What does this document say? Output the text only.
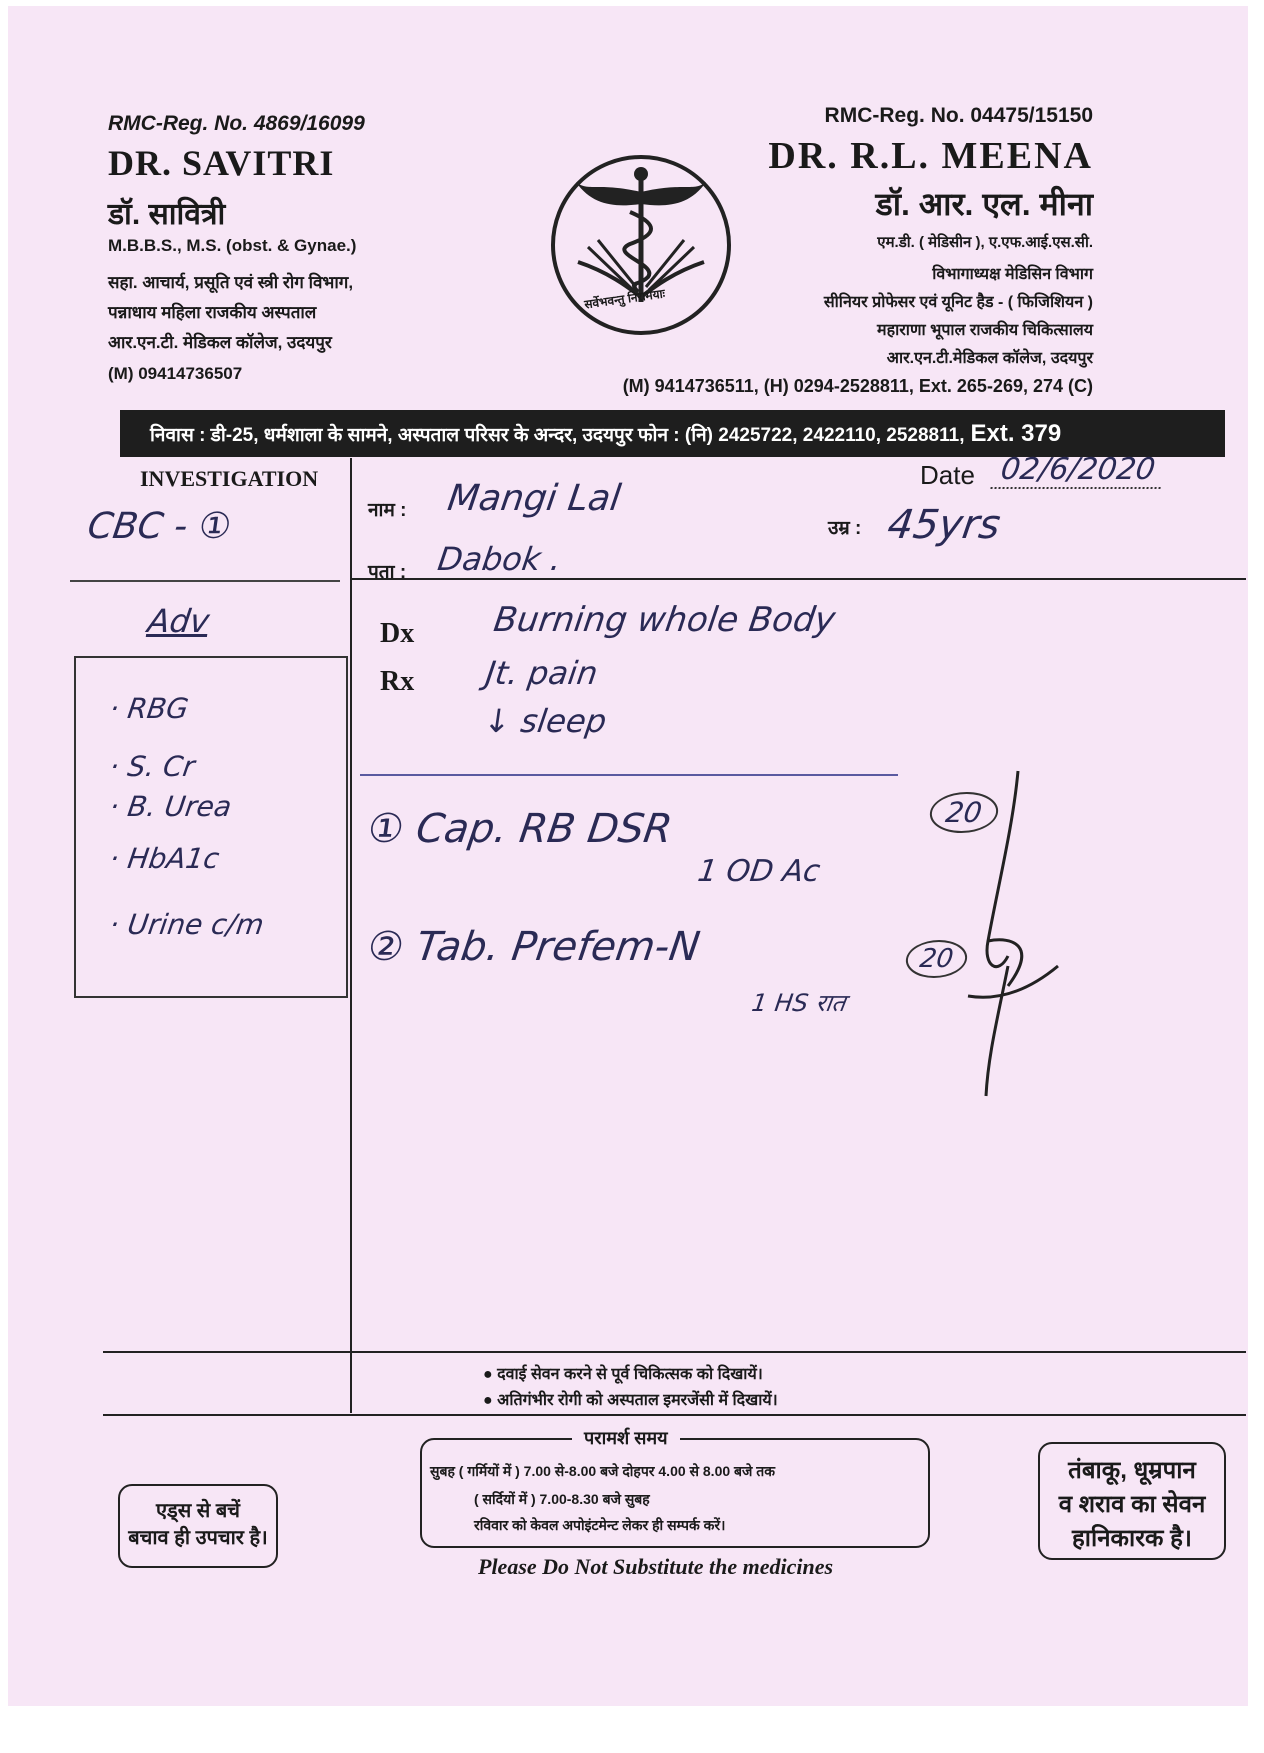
RMC-Reg. No. 4869/16099
DR. SAVITRI
डॉ. सावित्री
M.B.B.S., M.S. (obst. & Gynae.)
सहा. आचार्य, प्रसूति एवं स्त्री रोग विभाग,
पन्नाधाय महिला राजकीय अस्पताल
आर.एन.टी. मेडिकल कॉलेज, उदयपुर
(M) 09414736507
सर्वेभवन्तु निरामयाः
RMC-Reg. No. 04475/15150
DR. R.L. MEENA
डॉ. आर. एल. मीना
एम.डी. ( मेडिसीन ), ए.एफ.आई.एस.सी.
विभागाध्यक्ष मेडिसिन विभाग
सीनियर प्रोफेसर एवं यूनिट हैड - ( फिजिशियन )
महाराणा भूपाल राजकीय चिकित्सालय
आर.एन.टी.मेडिकल कॉलेज, उदयपुर
(M) 9414736511, (H) 0294-2528811, Ext. 265-269, 274 (C)
निवास : डी-25, धर्मशाला के सामने, अस्पताल परिसर के अन्दर, उदयपुर फोन : (नि) 2425722, 2422110, 2528811, Ext. 379
INVESTIGATION
CBC - ①
Adv
· RBG
· S. Cr
· B. Urea
· HbA1c
· Urine c/m
Date 02/6/2020
नाम : Mangi Lal
उम्र : 45yrs
पता : Dabok .
Dx
Rx
Burning whole Body
Jt. pain
↓ sleep
① Cap. RB DSR	20
1 OD Ac
② Tab. Prefem-N	20
1 HS रात
● दवाई सेवन करने से पूर्व चिकित्सक को दिखायें।
● अतिगंभीर रोगी को अस्पताल इमरजेंसी में दिखायें।
परामर्श समय
सुबह ( गर्मियों में ) 7.00 से-8.00 बजे दोहपर 4.00 से 8.00 बजे तक
( सर्दियों में ) 7.00-8.30 बजे सुबह
रविवार को केवल अपोइंटमेन्ट लेकर ही सम्पर्क करें।
एड्स से बचें
बचाव ही उपचार है।
तंबाकू, धूम्रपान
व शराव का सेवन
हानिकारक है।
Please Do Not Substitute the medicines
